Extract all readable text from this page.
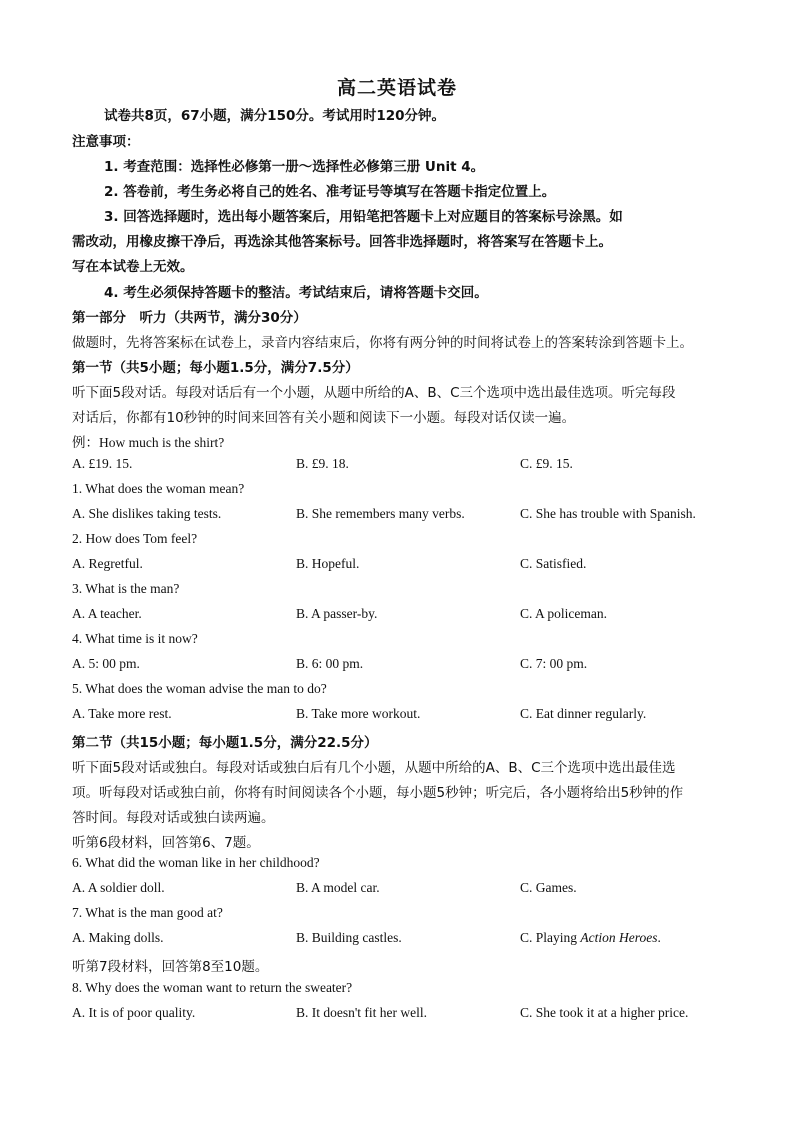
高二英语试卷
试卷共8页，67小题，满分150分。考试用时120分钟。
注意事项：
1. 考查范围：选择性必修第一册～选择性必修第三册 Unit 4。
2. 答卷前，考生务必将自己的姓名、准考证号等填写在答题卡指定位置上。
3. 回答选择题时，选出每小题答案后，用铅笔把答题卡上对应题目的答案标号涂黑。如
需改动，用橡皮擦干净后，再选涂其他答案标号。回答非选择题时，将答案写在答题卡上。
写在本试卷上无效。
4. 考生必须保持答题卡的整洁。考试结束后，请将答题卡交回。
第一部分　听力（共两节，满分30分）
做题时，先将答案标在试卷上，录音内容结束后，你将有两分钟的时间将试卷上的答案转涂到答题卡上。
第一节（共5小题；每小题1.5分，满分7.5分）
听下面5段对话。每段对话后有一个小题，从题中所给的A、B、C三个选项中选出最佳选项。听完每段
对话后，你都有10秒钟的时间来回答有关小题和阅读下一小题。每段对话仅读一遍。
例：How much is the shirt?
A. £19. 15.	B. £9. 18.	C. £9. 15.
1. What does the woman mean?
A. She dislikes taking tests.	B. She remembers many verbs.	C. She has trouble with Spanish.
2. How does Tom feel?
A. Regretful.	B. Hopeful.	C. Satisfied.
3. What is the man?
A. A teacher.	B. A passer-by.	C. A policeman.
4. What time is it now?
A. 5: 00 pm.	B. 6: 00 pm.	C. 7: 00 pm.
5. What does the woman advise the man to do?
A. Take more rest.	B. Take more workout.	C. Eat dinner regularly.
第二节（共15小题；每小题1.5分，满分22.5分）
听下面5段对话或独白。每段对话或独白后有几个小题，从题中所给的A、B、C三个选项中选出最佳选
项。听每段对话或独白前，你将有时间阅读各个小题，每小题5秒钟；听完后，各小题将给出5秒钟的作
答时间。每段对话或独白读两遍。
听第6段材料，回答第6、7题。
6. What did the woman like in her childhood?
A. A soldier doll.	B. A model car.	C. Games.
7. What is the man good at?
A. Making dolls.	B. Building castles.	C. Playing Action Heroes.
听第7段材料，回答第8至10题。
8. Why does the woman want to return the sweater?
A. It is of poor quality.	B. It doesn't fit her well.	C. She took it at a higher price.
